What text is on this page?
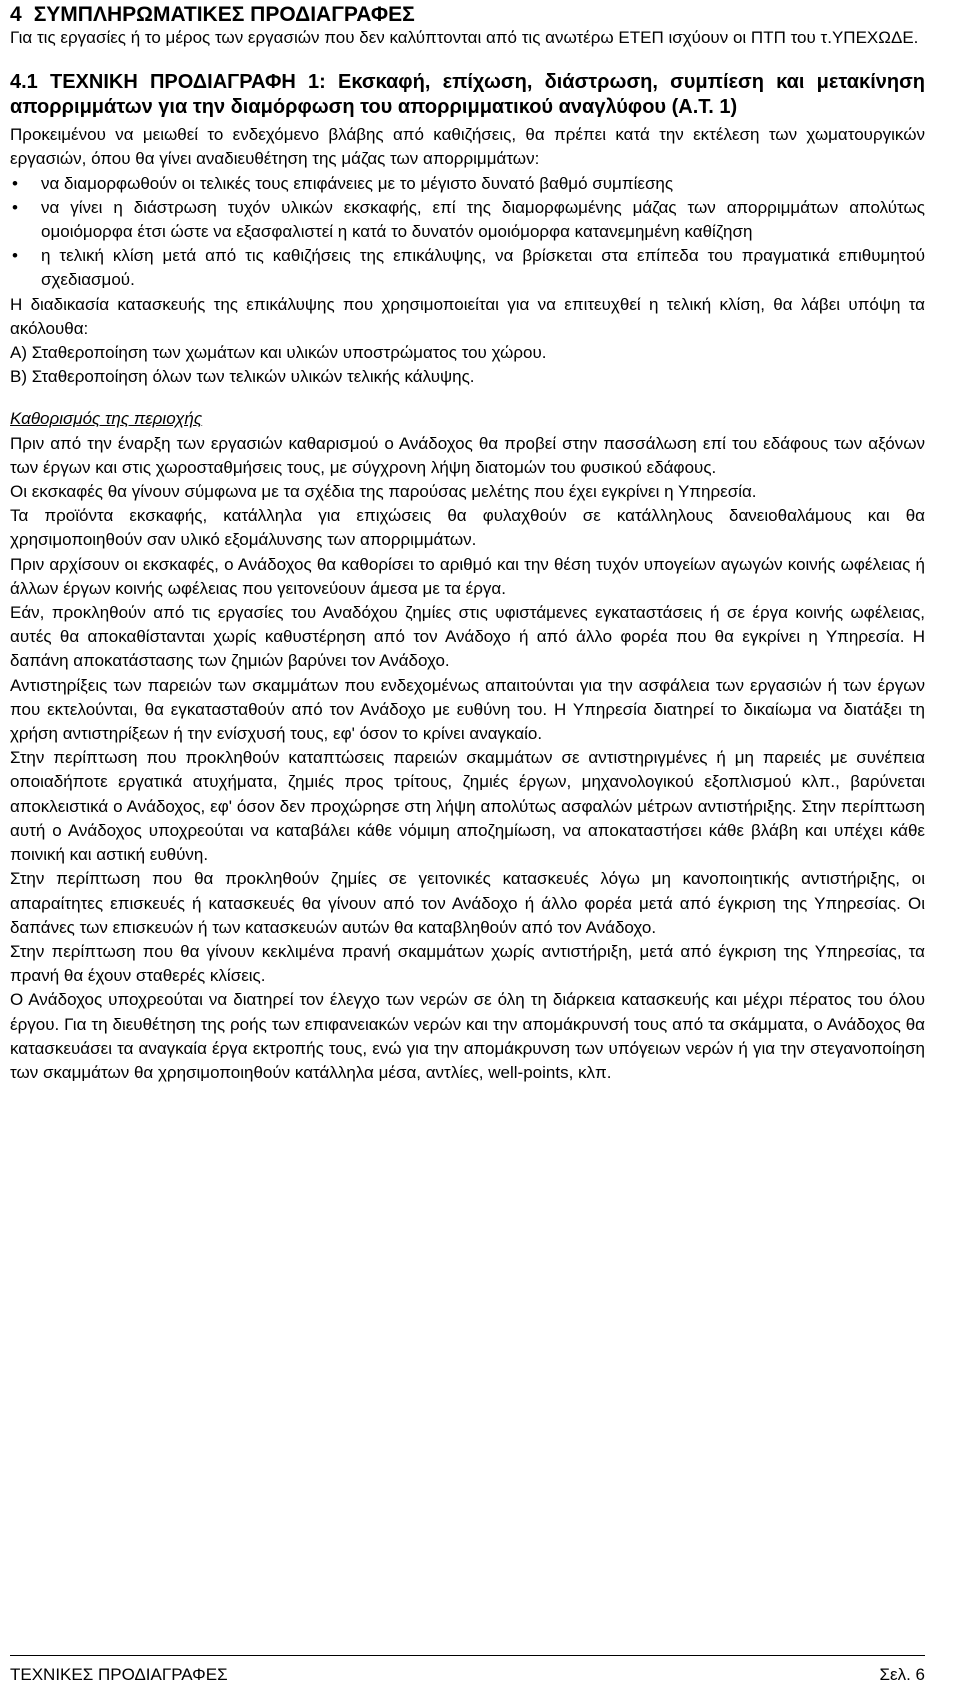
4 ΣΥΜΠΛΗΡΩΜΑΤΙΚΕΣ ΠΡΟΔΙΑΓΡΑΦΕΣ

Για τις εργασίες ή το μέρος των εργασιών που δεν καλύπτονται από τις ανωτέρω ΕΤΕΠ ισχύουν οι ΠΤΠ του τ.ΥΠΕΧΩΔΕ.

4.1 ΤΕΧΝΙΚΗ ΠΡΟΔΙΑΓΡΑΦΗ 1: Εκσκαφή, επίχωση, διάστρωση, συμπίεση και μετακίνηση απορριμμάτων για την διαμόρφωση του απορριμματικού αναγλύφου (Α.Τ. 1)

Προκειμένου να μειωθεί το ενδεχόμενο βλάβης από καθιζήσεις, θα πρέπει κατά την εκτέλεση των χωματουργικών εργασιών, όπου θα γίνει αναδιευθέτηση της μάζας των απορριμμάτων:

• να διαμορφωθούν οι τελικές τους επιφάνειες με το μέγιστο δυνατό βαθμό συμπίεσης
• να γίνει η διάστρωση τυχόν υλικών εκσκαφής, επί της διαμορφωμένης μάζας των απορριμμάτων απολύτως ομοιόμορφα έτσι ώστε να εξασφαλιστεί η κατά το δυνατόν ομοιόμορφα κατανεμημένη καθίζηση
• η τελική κλίση μετά από τις καθιζήσεις της επικάλυψης, να βρίσκεται στα επίπεδα του πραγματικά επιθυμητού σχεδιασμού.

Η διαδικασία κατασκευής της επικάλυψης που χρησιμοποιείται για να επιτευχθεί η τελική κλίση, θα λάβει υπόψη τα ακόλουθα:

Α) Σταθεροποίηση των χωμάτων και υλικών υποστρώματος του χώρου.

Β) Σταθεροποίηση όλων των τελικών υλικών τελικής κάλυψης.

Καθορισμός της περιοχής

Πριν από την έναρξη των εργασιών καθαρισμού ο Ανάδοχος θα προβεί στην πασσάλωση επί του εδάφους των αξόνων των έργων και στις χωροσταθμήσεις τους, με σύγχρονη λήψη διατομών του φυσικού εδάφους.

Οι εκσκαφές θα γίνουν σύμφωνα με τα σχέδια της παρούσας μελέτης που έχει εγκρίνει η Υπηρεσία.

Τα προϊόντα εκσκαφής, κατάλληλα για επιχώσεις θα φυλαχθούν σε κατάλληλους δανειοθαλάμους και θα χρησιμοποιηθούν σαν υλικό εξομάλυνσης των απορριμμάτων.

Πριν αρχίσουν οι εκσκαφές, ο Ανάδοχος θα καθορίσει το αριθμό και την θέση τυχόν υπογείων αγωγών κοινής ωφέλειας ή άλλων έργων κοινής ωφέλειας που γειτονεύουν άμεσα με τα έργα.

Εάν, προκληθούν από τις εργασίες του Αναδόχου ζημίες στις υφιστάμενες εγκαταστάσεις ή σε έργα κοινής ωφέλειας, αυτές θα αποκαθίστανται χωρίς καθυστέρηση από τον Ανάδοχο ή από άλλο φορέα που θα εγκρίνει η Υπηρεσία. Η δαπάνη αποκατάστασης των ζημιών βαρύνει τον Ανάδοχο.

Αντιστηρίξεις των παρειών των σκαμμάτων που ενδεχομένως απαιτούνται για την ασφάλεια των εργασιών ή των έργων που εκτελούνται, θα εγκατασταθούν από τον Ανάδοχο με ευθύνη του. Η Υπηρεσία διατηρεί το δικαίωμα να διατάξει τη χρήση αντιστηρίξεων ή την ενίσχυσή τους, εφ' όσον το κρίνει αναγκαίο.

Στην περίπτωση που προκληθούν καταπτώσεις παρειών σκαμμάτων σε αντιστηριγμένες ή μη παρειές με συνέπεια οποιαδήποτε εργατικά ατυχήματα, ζημιές προς τρίτους, ζημιές έργων, μηχανολογικού εξοπλισμού κλπ., βαρύνεται αποκλειστικά ο Ανάδοχος, εφ' όσον δεν προχώρησε στη λήψη απολύτως ασφαλών μέτρων αντιστήριξης. Στην περίπτωση αυτή ο Ανάδοχος υποχρεούται να καταβάλει κάθε νόμιμη αποζημίωση, να αποκαταστήσει κάθε βλάβη και υπέχει κάθε ποινική και αστική ευθύνη.

Στην περίπτωση που θα προκληθούν ζημίες σε γειτονικές κατασκευές λόγω μη κανοποιητικής αντιστήριξης, οι απαραίτητες επισκευές ή κατασκευές θα γίνουν από τον Ανάδοχο ή άλλο φορέα μετά από έγκριση της Υπηρεσίας. Οι δαπάνες των επισκευών ή των κατασκευών αυτών θα καταβληθούν από τον Ανάδοχο.

Στην περίπτωση που θα γίνουν κεκλιμένα πρανή σκαμμάτων χωρίς αντιστήριξη, μετά από έγκριση της Υπηρεσίας, τα πρανή θα έχουν σταθερές κλίσεις.

Ο Ανάδοχος υποχρεούται να διατηρεί τον έλεγχο των νερών σε όλη τη διάρκεια κατασκευής και μέχρι πέρατος του όλου έργου. Για τη διευθέτηση της ροής των επιφανειακών νερών και την απομάκρυνσή τους από τα σκάμματα, ο Ανάδοχος θα κατασκευάσει τα αναγκαία έργα εκτροπής τους, ενώ για την απομάκρυνση των υπόγειων νερών ή για την στεγανοποίηση των σκαμμάτων θα χρησιμοποιηθούν κατάλληλα μέσα, αντλίες, well-points, κλπ.

ΤΕΧΝΙΚΕΣ ΠΡΟΔΙΑΓΡΑΦΕΣ	Σελ. 6
